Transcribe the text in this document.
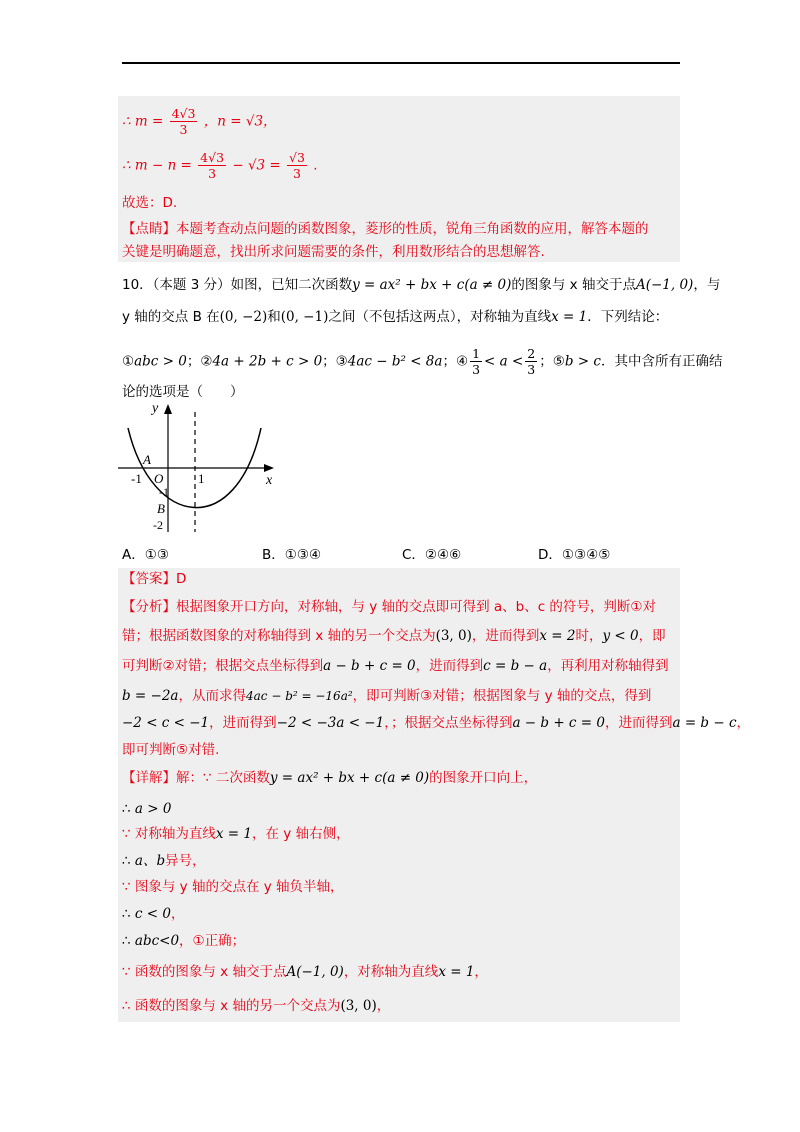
∴ $m = \frac{4√3}{3}$ ，n = √3，
∴ $m - n = \frac{4√3}{3} - √3 = \frac{√3}{3}$ .
故选：D.
【点睛】本题考查动点问题的函数图象，菱形的性质，锐角三角函数的应用，解答本题的
关键是明确题意，找出所求问题需要的条件，利用数形结合的思想解答.
10．（本题 3 分）如图，已知二次函数y = ax² + bx + c(a ≠ 0)的图象与 x 轴交于点A(−1, 0)，与
y 轴的交点 B 在(0, −2)和(0, −1)之间（不包括这两点），对称轴为直线x = 1．下列结论：
①abc > 0；②4a + 2b + c > 0；③4ac − b² < 8a；④ $\frac{1}{3} < a < \frac{2}{3}$ ；⑤b > c．其中含所有正确结
论的选项是（　　）
y
x
A
-1 O	1
-1
B
-2
A．①③	B．①③④	C．②④⑥	D．①③④⑤
【答案】D
【分析】根据图象开口方向，对称轴，与 y 轴的交点即可得到 a、b、c 的符号，判断①对
错；根据函数图象的对称轴得到 x 轴的另一个交点为(3, 0)，进而得到x = 2时，y < 0，即
可判断②对错；根据交点坐标得到a − b + c = 0，进而得到c = b − a，再利用对称轴得到
b = −2a，从而求得4ac − b² = −16a²，即可判断③对错；根据图象与 y 轴的交点，得到
−2 < c < −1，进而得到−2 < −3a < −1，；根据交点坐标得到a − b + c = 0，进而得到a = b − c，
即可判断⑤对错.
【详解】解：∵ 二次函数y = ax² + bx + c(a ≠ 0)的图象开口向上，
∴ a > 0
∵ 对称轴为直线x = 1，在 y 轴右侧，
∴ a、b异号，
∵ 图象与 y 轴的交点在 y 轴负半轴，
∴ c < 0，
∴ abc<0，①正确；
∵ 函数的图象与 x 轴交于点A(−1, 0)，对称轴为直线x = 1，
∴ 函数的图象与 x 轴的另一个交点为(3, 0)，
